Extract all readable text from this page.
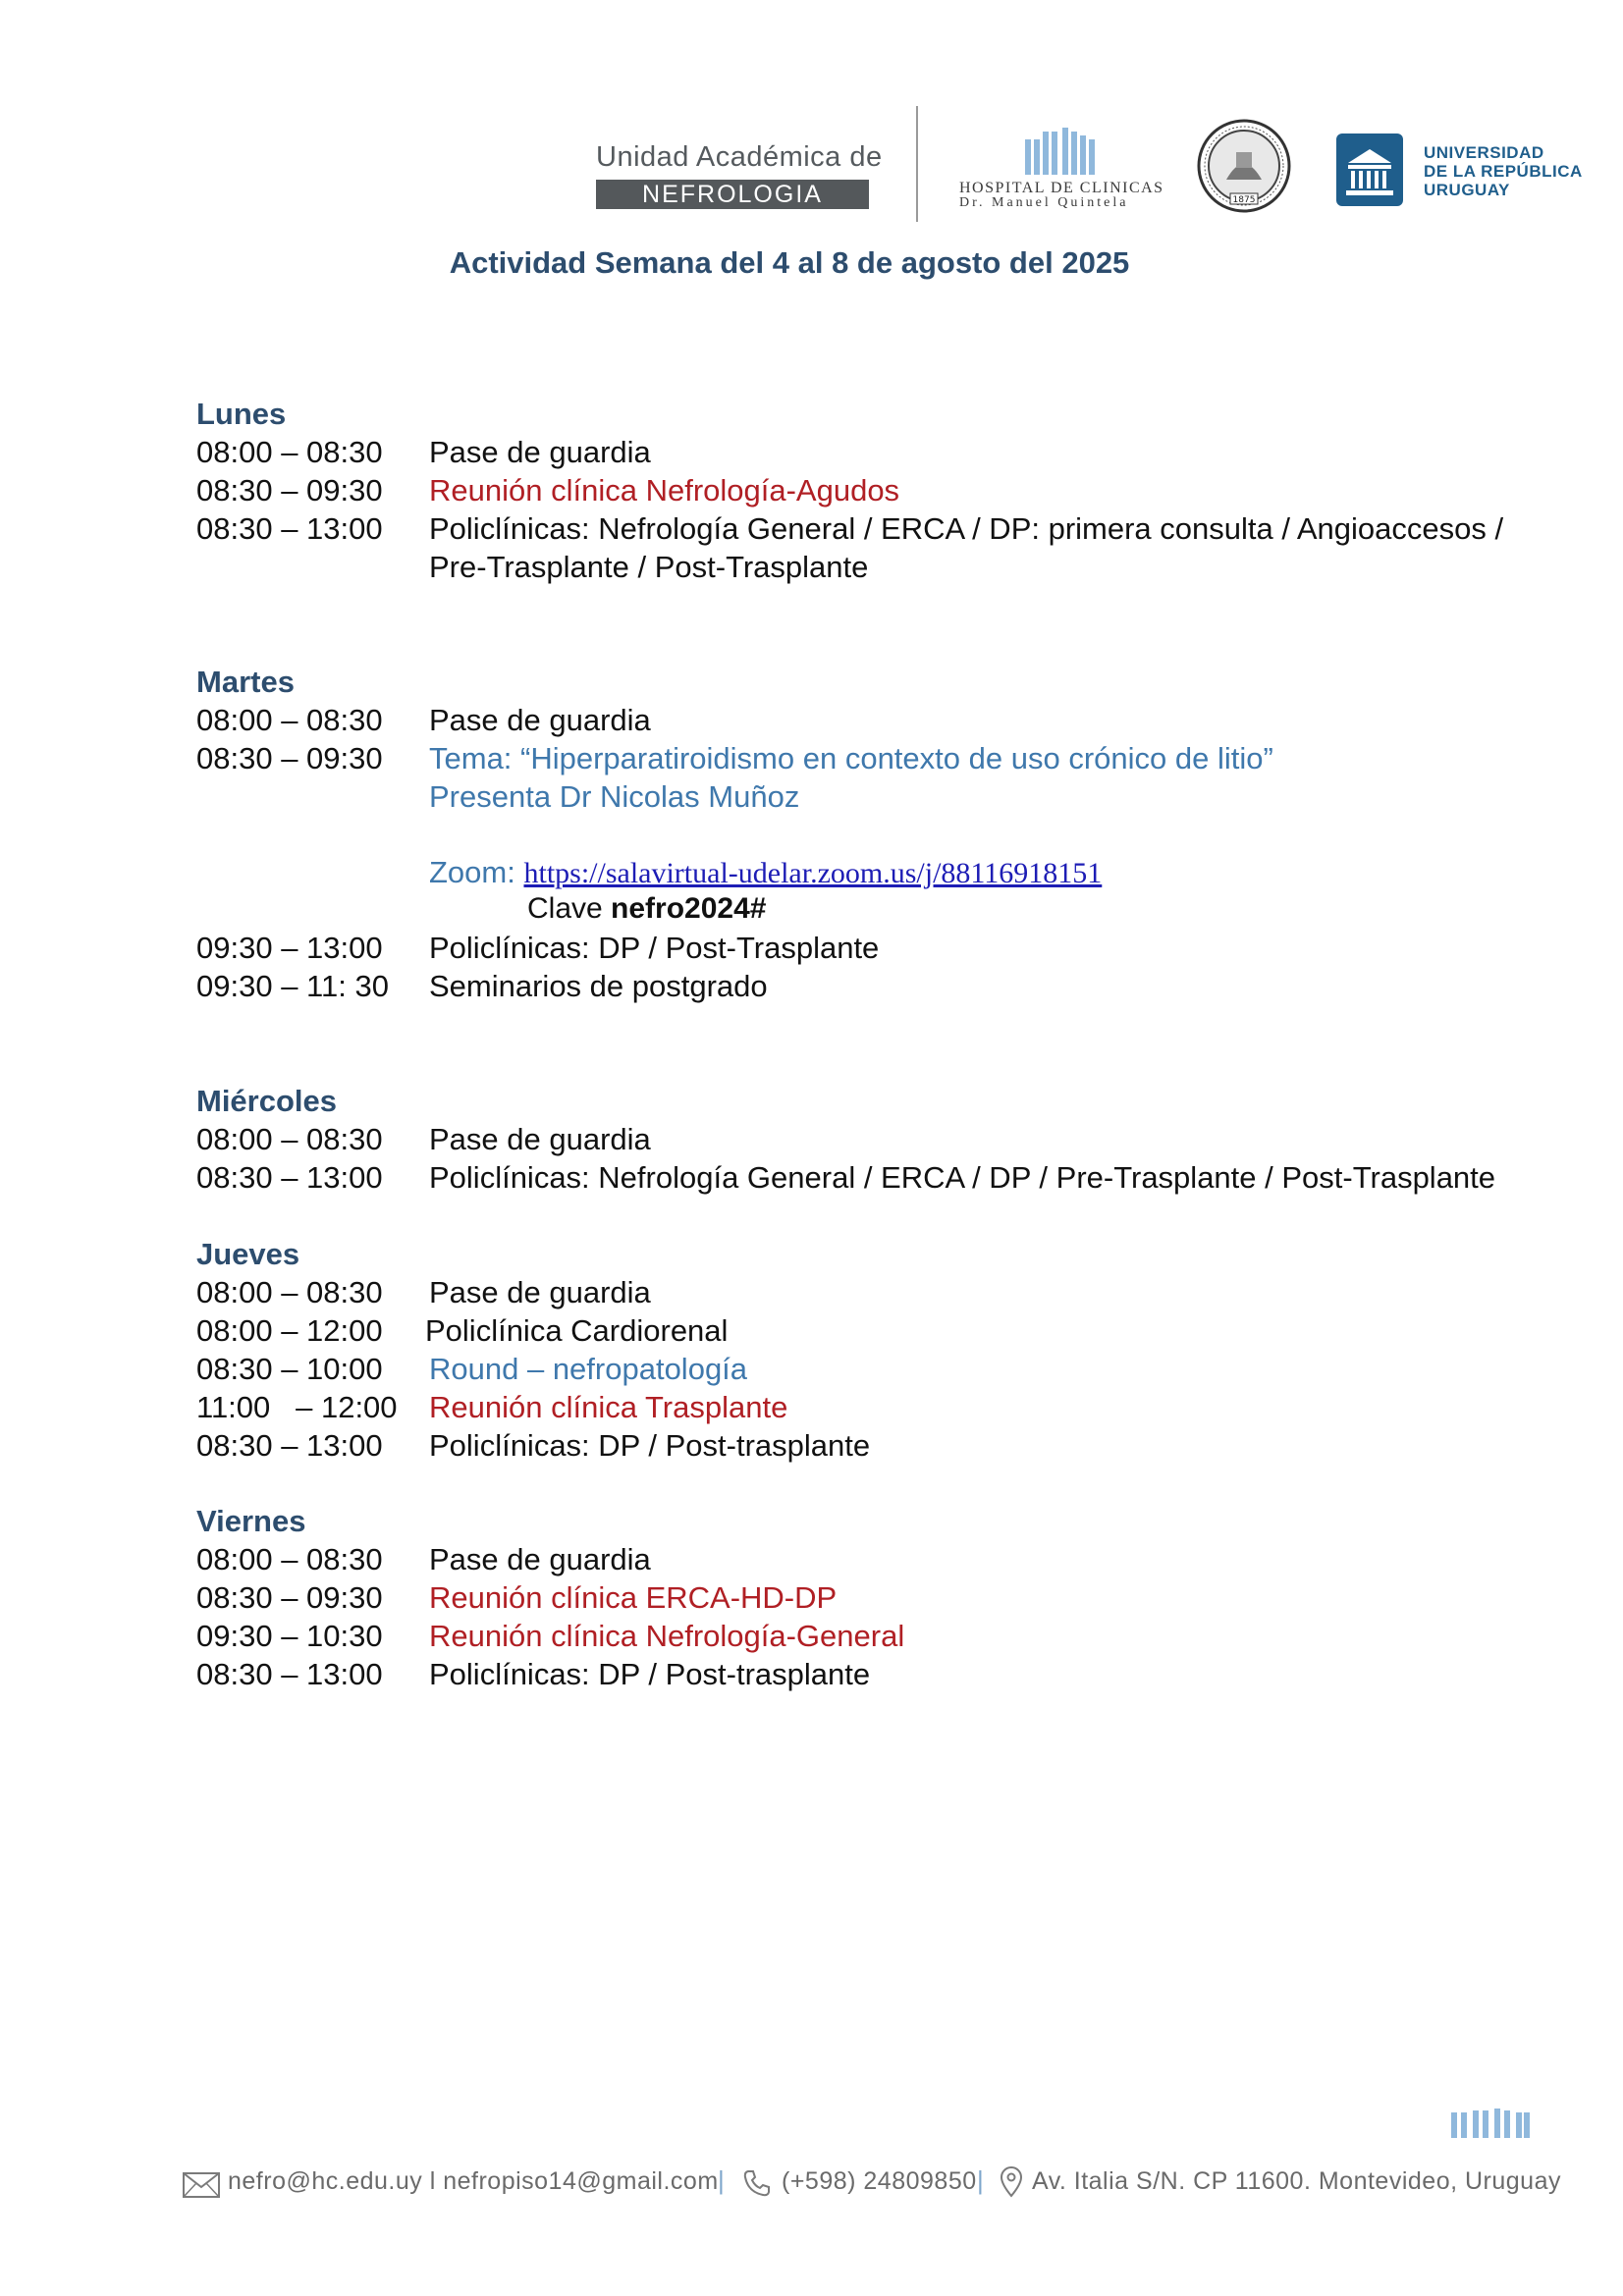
Unidad Académica de
NEFROLOGIA	HOSPITAL DE CLINICAS
Dr. Manuel Quintela	1875
UNIVERSIDAD
DE LA REPÚBLICA
URUGUAY
Actividad Semana del 4 al 8 de agosto del 2025
Lunes
08:00 – 08:30 Pase de guardia
08:30 – 09:30 Reunión clínica Nefrología-Agudos
08:30 – 13:00 Policlínicas: Nefrología General / ERCA / DP: primera consulta / Angioaccesos /
Pre-Trasplante / Post-Trasplante
Martes
08:00 – 08:30 Pase de guardia
08:30 – 09:30 Tema: “Hiperparatiroidismo en contexto de uso crónico de litio”
Presenta Dr Nicolas Muñoz
Zoom: https://salavirtual-udelar.zoom.us/j/88116918151
Clave nefro2024#
09:30 – 13:00 Policlínicas: DP / Post-Trasplante
09:30 – 11: 30 Seminarios de postgrado
Miércoles
08:00 – 08:30 Pase de guardia
08:30 – 13:00 Policlínicas: Nefrología General / ERCA / DP / Pre-Trasplante / Post-Trasplante
Jueves
08:00 – 08:30 Pase de guardia
08:00 – 12:00 Policlínica Cardiorenal
08:30 – 10:00 Round – nefropatología
11:00   – 12:00 Reunión clínica Trasplante
08:30 – 13:00 Policlínicas: DP / Post-trasplante
Viernes
08:00 – 08:30 Pase de guardia
08:30 – 09:30 Reunión clínica ERCA-HD-DP
09:30 – 10:30 Reunión clínica Nefrología-General
08:30 – 13:00 Policlínicas: DP / Post-trasplante
nefro@hc.edu.uy l nefropiso14@gmail.com | (+598) 24809850 | Av. Italia S/N. CP 11600. Montevideo, Uruguay
